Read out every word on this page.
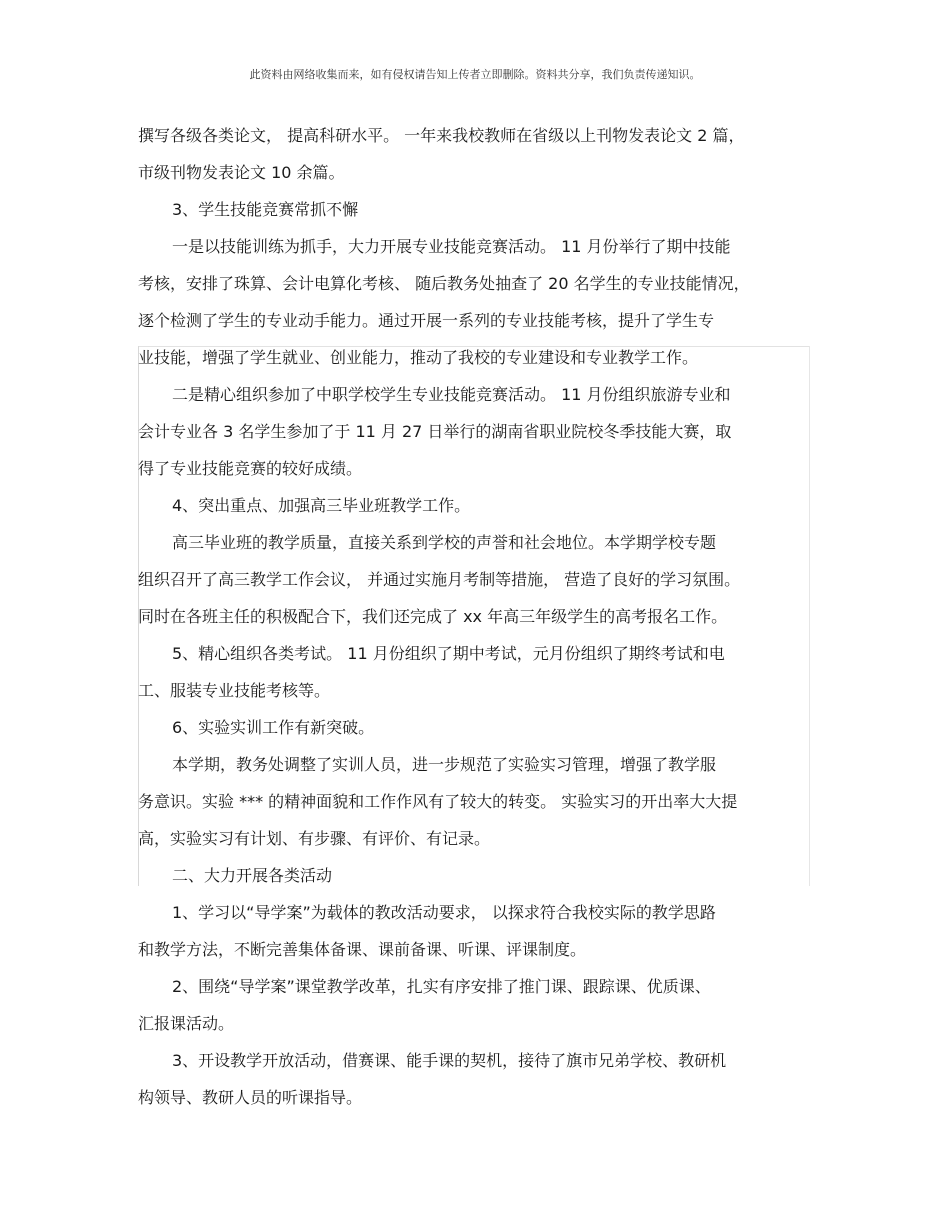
此资料由网络收集而来，如有侵权请告知上传者立即删除。资料共分享，我们负责传递知识。
撰写各级各类论文， 提高科研水平。 一年来我校教师在省级以上刊物发表论文 2 篇，
市级刊物发表论文 10 余篇。
3、学生技能竞赛常抓不懈
一是以技能训练为抓手，大力开展专业技能竞赛活动。 11 月份举行了期中技能
考核，安排了珠算、会计电算化考核、 随后教务处抽查了 20 名学生的专业技能情况，
逐个检测了学生的专业动手能力。通过开展一系列的专业技能考核，提升了学生专
业技能，增强了学生就业、创业能力，推动了我校的专业建设和专业教学工作。
二是精心组织参加了中职学校学生专业技能竞赛活动。 11 月份组织旅游专业和
会计专业各 3 名学生参加了于 11 月 27 日举行的湖南省职业院校冬季技能大赛，取
得了专业技能竞赛的较好成绩。
4、突出重点、加强高三毕业班教学工作。
高三毕业班的教学质量，直接关系到学校的声誉和社会地位。本学期学校专题
组织召开了高三教学工作会议， 并通过实施月考制等措施， 营造了良好的学习氛围。
同时在各班主任的积极配合下，我们还完成了 xx 年高三年级学生的高考报名工作。
5、精心组织各类考试。 11 月份组织了期中考试，元月份组织了期终考试和电
工、服装专业技能考核等。
6、实验实训工作有新突破。
本学期，教务处调整了实训人员，进一步规范了实验实习管理，增强了教学服
务意识。实验 *** 的精神面貌和工作作风有了较大的转变。 实验实习的开出率大大提
高，实验实习有计划、有步骤、有评价、有记录。
二、大力开展各类活动
1、学习以“导学案”为载体的教改活动要求， 以探求符合我校实际的教学思路
和教学方法，不断完善集体备课、课前备课、听课、评课制度。
2、围绕“导学案”课堂教学改革，扎实有序安排了推门课、跟踪课、优质课、
汇报课活动。
3、开设教学开放活动，借赛课、能手课的契机，接待了旗市兄弟学校、教研机
构领导、教研人员的听课指导。
